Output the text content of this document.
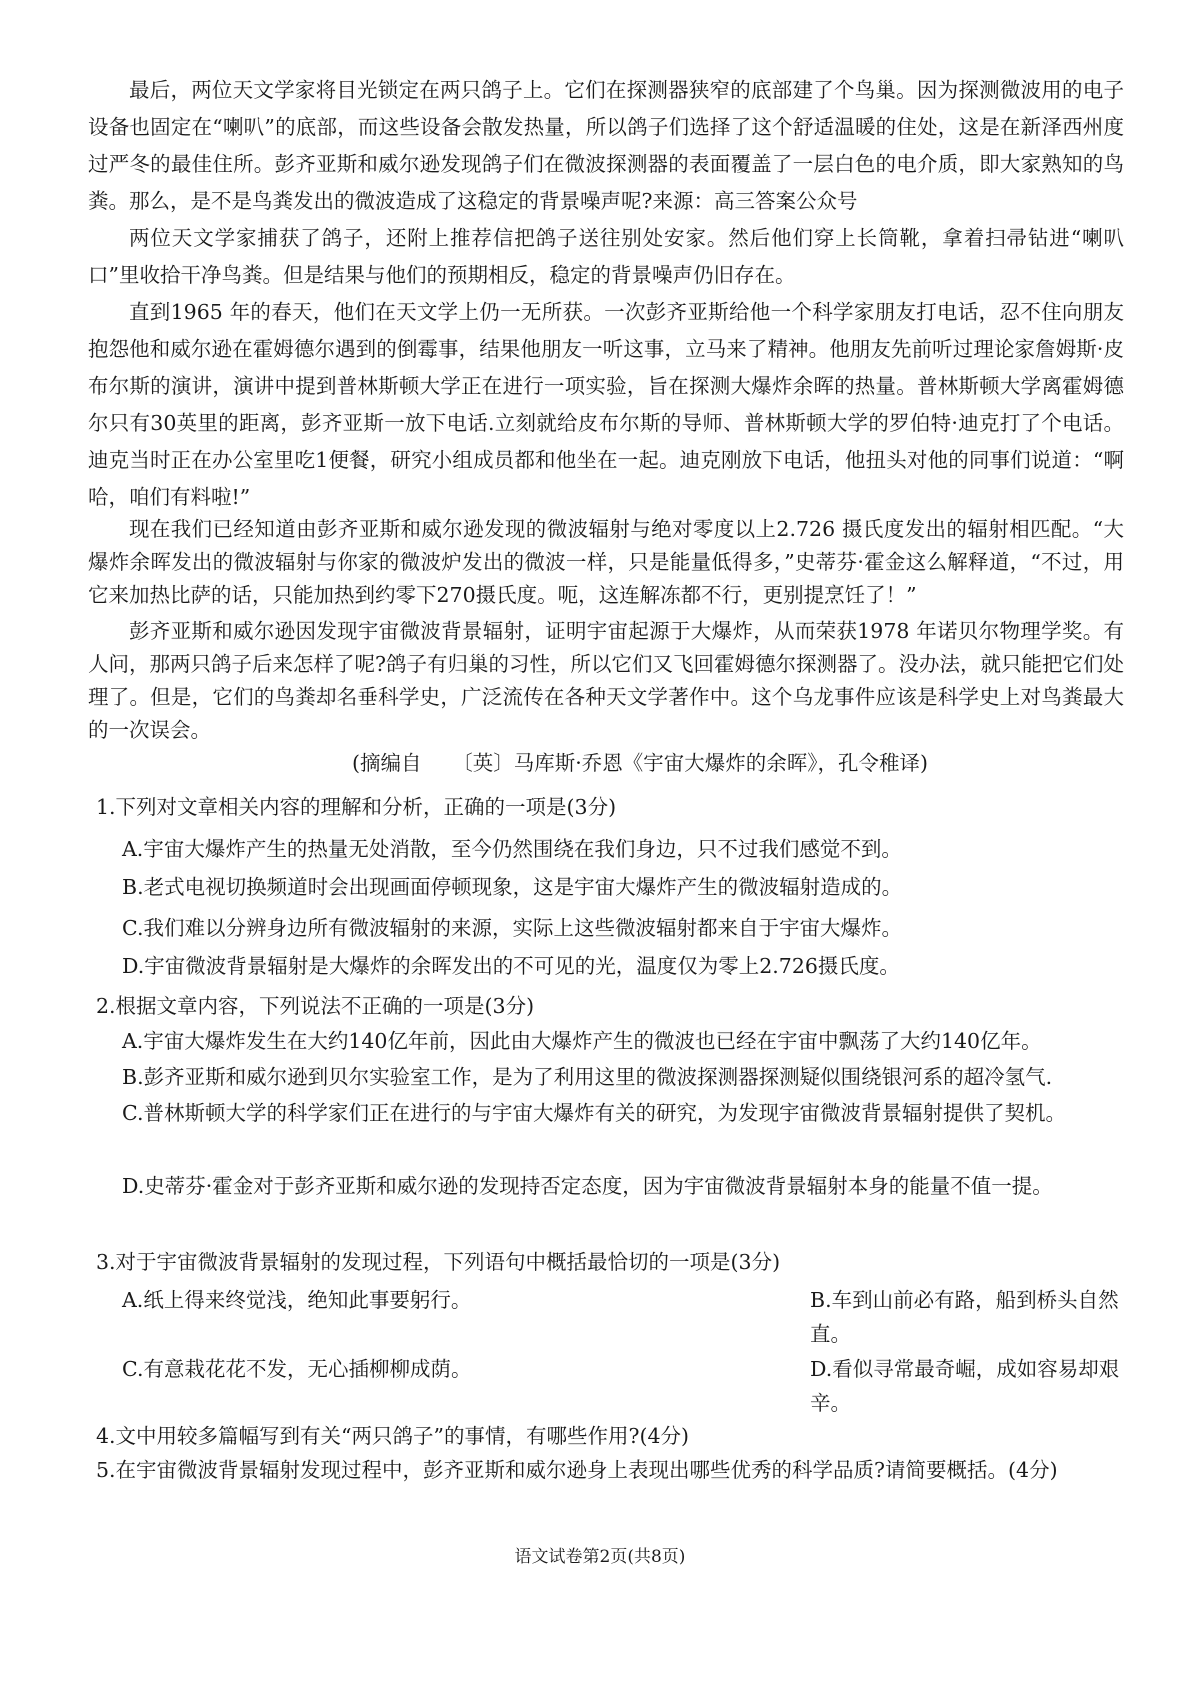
最后，两位天文学家将目光锁定在两只鸽子上。它们在探测器狭窄的底部建了个鸟巢。因为探测微波用的电子设备也固定在“喇叭”的底部，而这些设备会散发热量，所以鸽子们选择了这个舒适温暖的住处，这是在新泽西州度过严冬的最佳住所。彭齐亚斯和威尔逊发现鸽子们在微波探测器的表面覆盖了一层白色的电介质，即大家熟知的鸟粪。那么，是不是鸟粪发出的微波造成了这稳定的背景噪声呢?来源：高三答案公众号

两位天文学家捕获了鸽子，还附上推荐信把鸽子送往别处安家。然后他们穿上长筒靴，拿着扫帚钻进“喇叭口”里收拾干净鸟粪。但是结果与他们的预期相反，稳定的背景噪声仍旧存在。

直到1965 年的春天，他们在天文学上仍一无所获。一次彭齐亚斯给他一个科学家朋友打电话，忍不住向朋友抱怨他和威尔逊在霍姆德尔遇到的倒霉事，结果他朋友一听这事，立马来了精神。他朋友先前听过理论家詹姆斯·皮布尔斯的演讲，演讲中提到普林斯顿大学正在进行一项实验，旨在探测大爆炸余晖的热量。普林斯顿大学离霍姆德尔只有30英里的距离，彭齐亚斯一放下电话.立刻就给皮布尔斯的导师、普林斯顿大学的罗伯特·迪克打了个电话。迪克当时正在办公室里吃1便餐，研究小组成员都和他坐在一起。迪克刚放下电话，他扭头对他的同事们说道：“啊哈，咱们有料啦!”

现在我们已经知道由彭齐亚斯和威尔逊发现的微波辐射与绝对零度以上2.726 摄氏度发出的辐射相匹配。“大爆炸余晖发出的微波辐射与你家的微波炉发出的微波一样，只是能量低得多，”史蒂芬·霍金这么解释道，“不过，用它来加热比萨的话，只能加热到约零下270摄氏度。呃，这连解冻都不行，更别提烹饪了！”

彭齐亚斯和威尔逊因发现宇宙微波背景辐射，证明宇宙起源于大爆炸，从而荣获1978 年诺贝尔物理学奖。有人问，那两只鸽子后来怎样了呢?鸽子有归巢的习性，所以它们又飞回霍姆德尔探测器了。没办法，就只能把它们处理了。但是，它们的鸟粪却名垂科学史，广泛流传在各种天文学著作中。这个乌龙事件应该是科学史上对鸟粪最大的一次误会。

(摘编自　　〔英〕马库斯·乔恩《宇宙大爆炸的余晖》，孔令稚译)

1.下列对文章相关内容的理解和分析，正确的一项是(3分)

A.宇宙大爆炸产生的热量无处消散，至今仍然围绕在我们身边，只不过我们感觉不到。

B.老式电视切换频道时会出现画面停顿现象，这是宇宙大爆炸产生的微波辐射造成的。

C.我们难以分辨身边所有微波辐射的来源，实际上这些微波辐射都来自于宇宙大爆炸。

D.宇宙微波背景辐射是大爆炸的余晖发出的不可见的光，温度仅为零上2.726摄氏度。

2.根据文章内容，下列说法不正确的一项是(3分)

A.宇宙大爆炸发生在大约140亿年前，因此由大爆炸产生的微波也已经在宇宙中飘荡了大约140亿年。

B.彭齐亚斯和威尔逊到贝尔实验室工作，是为了利用这里的微波探测器探测疑似围绕银河系的超冷氢气.

C.普林斯顿大学的科学家们正在进行的与宇宙大爆炸有关的研究，为发现宇宙微波背景辐射提供了契机。

D.史蒂芬·霍金对于彭齐亚斯和威尔逊的发现持否定态度，因为宇宙微波背景辐射本身的能量不值一提。

3.对于宇宙微波背景辐射的发现过程，下列语句中概括最恰切的一项是(3分)

A.纸上得来终觉浅，绝知此事要躬行。	B.车到山前必有路，船到桥头自然直。

C.有意栽花花不发，无心插柳柳成荫。	D.看似寻常最奇崛，成如容易却艰辛。

4.文中用较多篇幅写到有关“两只鸽子”的事情，有哪些作用?(4分)

5.在宇宙微波背景辐射发现过程中，彭齐亚斯和威尔逊身上表现出哪些优秀的科学品质?请简要概括。(4分)

语文试卷第2页(共8页)
